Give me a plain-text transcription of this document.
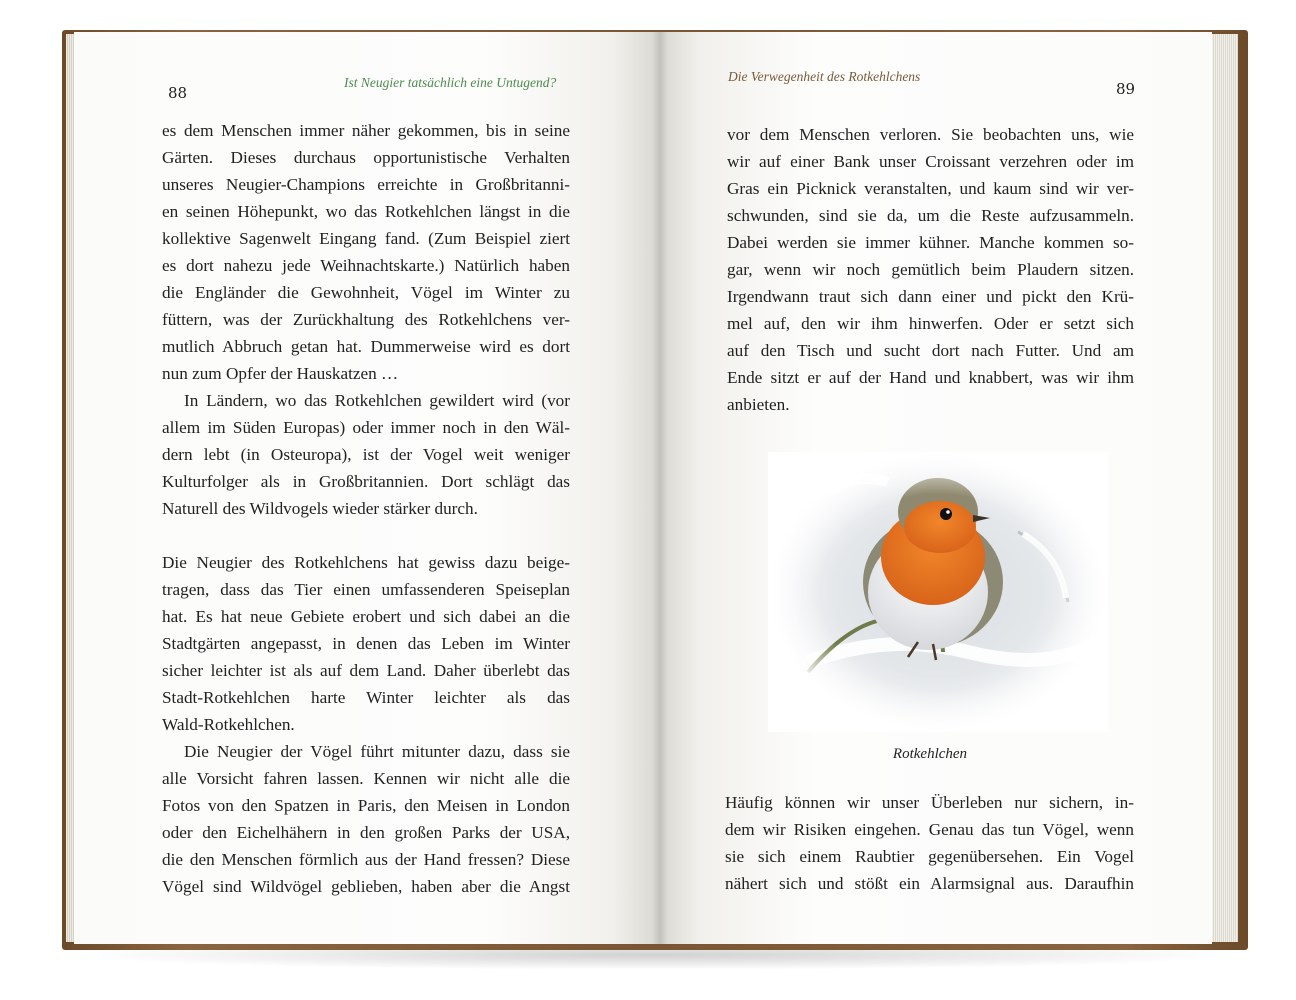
88
Ist Neugier tatsächlich eine Untugend?	Die Verwegenheit des Rotkehlchens
89
es dem Menschen immer näher gekommen, bis in seine
Gärten. Dieses durchaus opportunistische Verhalten
unseres Neugier-Champions erreichte in Großbritanni-
en seinen Höhepunkt, wo das Rotkehlchen längst in die
kollektive Sagenwelt Eingang fand. (Zum Beispiel ziert
es dort nahezu jede Weihnachtskarte.) Natürlich haben
die Engländer die Gewohnheit, Vögel im Winter zu
füttern, was der Zurückhaltung des Rotkehlchens ver-
mutlich Abbruch getan hat. Dummerweise wird es dort
nun zum Opfer der Hauskatzen …
In Ländern, wo das Rotkehlchen gewildert wird (vor
allem im Süden Europas) oder immer noch in den Wäl-
dern lebt (in Osteuropa), ist der Vogel weit weniger
Kulturfolger als in Großbritannien. Dort schlägt das
Naturell des Wildvogels wieder stärker durch.
Die Neugier des Rotkehlchens hat gewiss dazu beige-
tragen, dass das Tier einen umfassenderen Speiseplan
hat. Es hat neue Gebiete erobert und sich dabei an die
Stadtgärten angepasst, in denen das Leben im Winter
sicher leichter ist als auf dem Land. Daher überlebt das
Stadt-Rotkehlchen harte Winter leichter als das
Wald-Rotkehlchen.
Die Neugier der Vögel führt mitunter dazu, dass sie
alle Vorsicht fahren lassen. Kennen wir nicht alle die
Fotos von den Spatzen in Paris, den Meisen in London
oder den Eichelhähern in den großen Parks der USA,
die den Menschen förmlich aus der Hand fressen? Diese
Vögel sind Wildvögel geblieben, haben aber die Angst
vor dem Menschen verloren. Sie beobachten uns, wie
wir auf einer Bank unser Croissant verzehren oder im
Gras ein Picknick veranstalten, und kaum sind wir ver-
schwunden, sind sie da, um die Reste aufzusammeln.
Dabei werden sie immer kühner. Manche kommen so-
gar, wenn wir noch gemütlich beim Plaudern sitzen.
Irgendwann traut sich dann einer und pickt den Krü-
mel auf, den wir ihm hinwerfen. Oder er setzt sich
auf den Tisch und sucht dort nach Futter. Und am
Ende sitzt er auf der Hand und knabbert, was wir ihm
anbieten.
Rotkehlchen
Häufig können wir unser Überleben nur sichern, in-
dem wir Risiken eingehen. Genau das tun Vögel, wenn
sie sich einem Raubtier gegenübersehen. Ein Vogel
nähert sich und stößt ein Alarmsignal aus. Daraufhin
